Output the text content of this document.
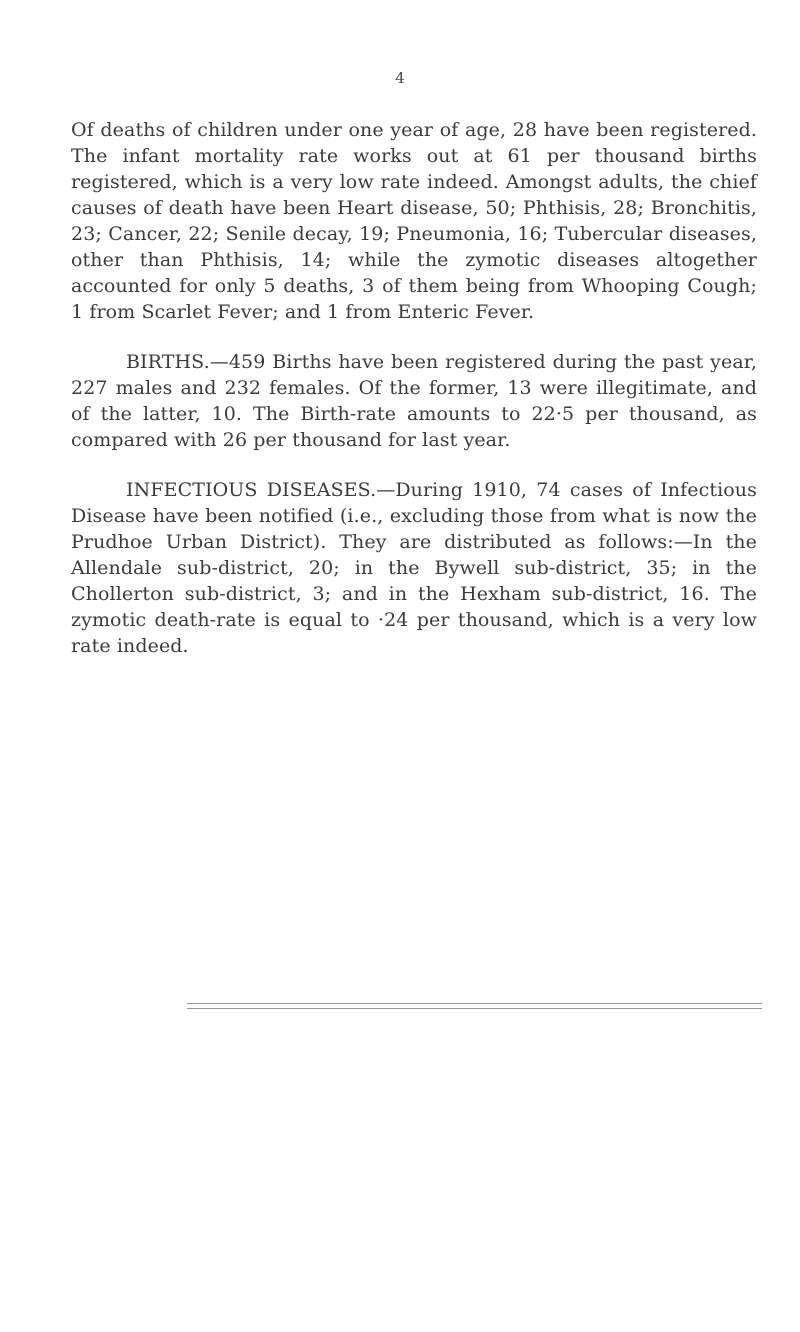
4

Of deaths of children under one year of age, 28 have been registered. The infant mortality rate works out at 61 per thousand births registered, which is a very low rate indeed. Amongst adults, the chief causes of death have been Heart disease, 50; Phthisis, 28; Bronchitis, 23; Cancer, 22; Senile decay, 19; Pneumonia, 16; Tubercular diseases, other than Phthisis, 14; while the zymotic diseases altogether accounted for only 5 deaths, 3 of them being from Whooping Cough; 1 from Scarlet Fever; and 1 from Enteric Fever.

BIRTHS.—459 Births have been registered during the past year, 227 males and 232 females. Of the former, 13 were illegitimate, and of the latter, 10. The Birth-rate amounts to 22·5 per thousand, as compared with 26 per thousand for last year.

INFECTIOUS DISEASES.—During 1910, 74 cases of Infectious Disease have been notified (i.e., excluding those from what is now the Prudhoe Urban District). They are distributed as follows:—In the Allendale sub-district, 20; in the Bywell sub-district, 35; in the Chollerton sub-district, 3; and in the Hexham sub-district, 16. The zymotic death-rate is equal to ·24 per thousand, which is a very low rate indeed.
